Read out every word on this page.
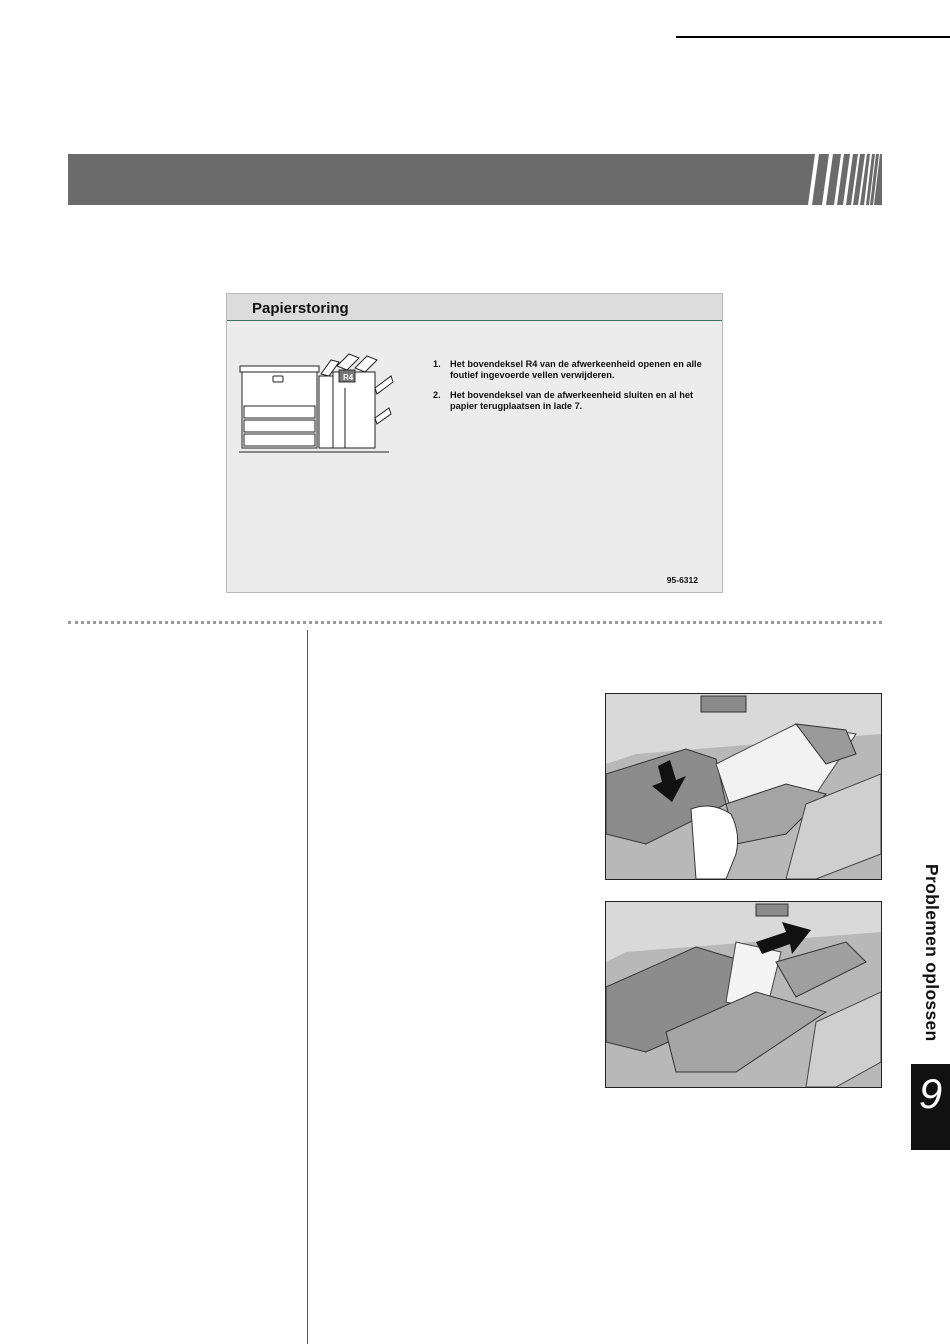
Papierstoring
R4
1. Het bovendeksel R4 van de afwerkeenheid openen en alle foutief ingevoerde vellen verwijderen.
2. Het bovendeksel van de afwerkeenheid sluiten en al het papier terugplaatsen in lade 7.
95-6312
Problemen oplossen
9
